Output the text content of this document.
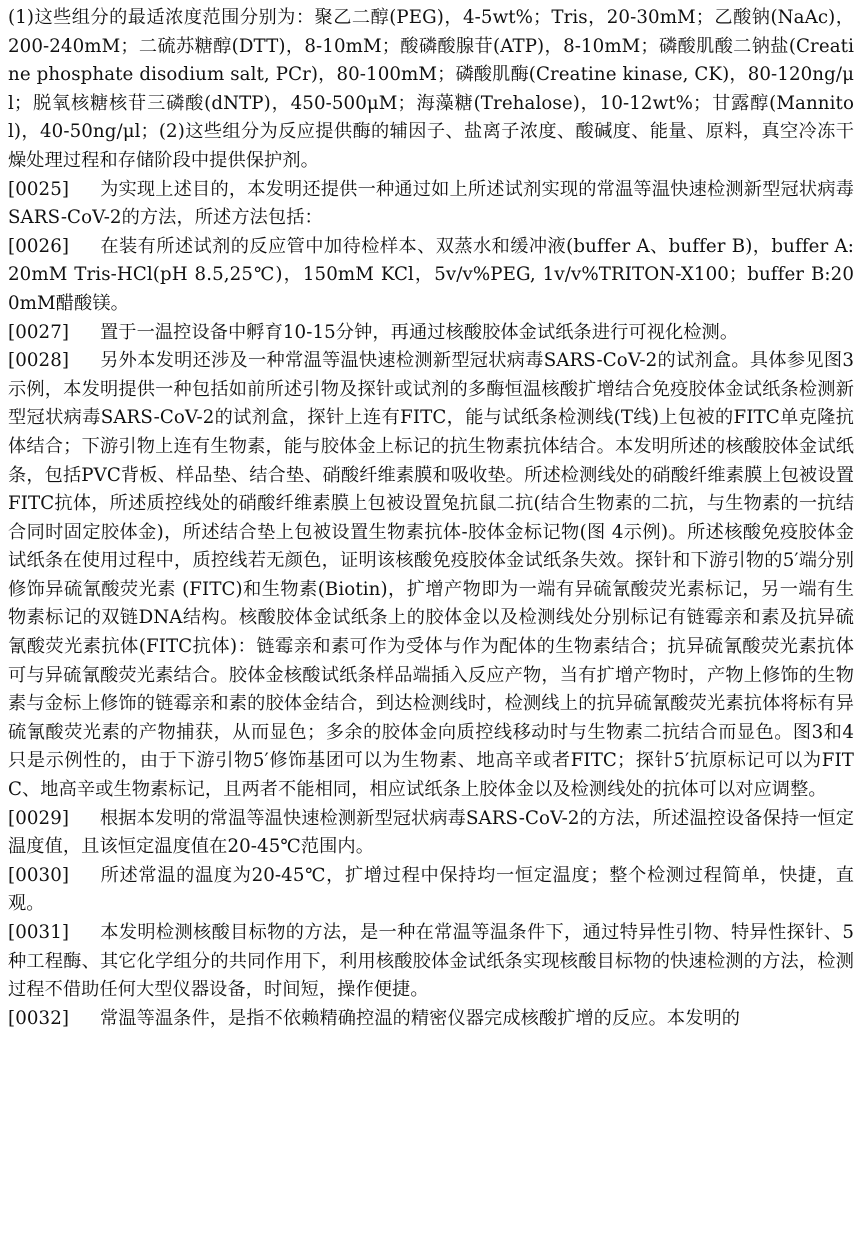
(1)这些组分的最适浓度范围分别为：聚乙二醇(PEG)，4-5wt%；Tris，20-30mM；乙酸钠(NaAc)，200-240mM；二硫苏糖醇(DTT)，8-10mM；酸磷酸腺苷(ATP)，8-10mM；磷酸肌酸二钠盐(Creatine phosphate disodium salt, PCr)，80-100mM；磷酸肌酶(Creatine kinase, CK)，80-120ng/μl；脱氧核糖核苷三磷酸(dNTP)，450-500μM；海藻糖(Trehalose)，10-12wt%；甘露醇(Mannitol)，40-50ng/μl；(2)这些组分为反应提供酶的辅因子、盐离子浓度、酸碱度、能量、原料，真空冷冻干燥处理过程和存储阶段中提供保护剂。

[0025] 为实现上述目的，本发明还提供一种通过如上所述试剂实现的常温等温快速检测新型冠状病毒SARS-CoV-2的方法，所述方法包括：

[0026] 在装有所述试剂的反应管中加待检样本、双蒸水和缓冲液(buffer A、buffer B)，buffer A:20mM Tris-HCl(pH 8.5,25℃)，150mM KCl，5v/v%PEG, 1v/v%TRITON-X100；buffer B:200mM醋酸镁。

[0027] 置于一温控设备中孵育10-15分钟，再通过核酸胶体金试纸条进行可视化检测。

[0028] 另外本发明还涉及一种常温等温快速检测新型冠状病毒SARS-CoV-2的试剂盒。具体参见图3示例，本发明提供一种包括如前所述引物及探针或试剂的多酶恒温核酸扩增结合免疫胶体金试纸条检测新型冠状病毒SARS-CoV-2的试剂盒，探针上连有FITC，能与试纸条检测线(T线)上包被的FITC单克隆抗体结合；下游引物上连有生物素，能与胶体金上标记的抗生物素抗体结合。本发明所述的核酸胶体金试纸条，包括PVC背板、样品垫、结合垫、硝酸纤维素膜和吸收垫。所述检测线处的硝酸纤维素膜上包被设置FITC抗体，所述质控线处的硝酸纤维素膜上包被设置兔抗鼠二抗(结合生物素的二抗，与生物素的一抗结合同时固定胶体金)，所述结合垫上包被设置生物素抗体-胶体金标记物(图 4示例)。所述核酸免疫胶体金试纸条在使用过程中，质控线若无颜色，证明该核酸免疫胶体金试纸条失效。探针和下游引物的5′端分别修饰异硫氰酸荧光素 (FITC)和生物素(Biotin)，扩增产物即为一端有异硫氰酸荧光素标记，另一端有生物素标记的双链DNA结构。核酸胶体金试纸条上的胶体金以及检测线处分别标记有链霉亲和素及抗异硫氰酸荧光素抗体(FITC抗体)：链霉亲和素可作为受体与作为配体的生物素结合；抗异硫氰酸荧光素抗体可与异硫氰酸荧光素结合。胶体金核酸试纸条样品端插入反应产物，当有扩增产物时，产物上修饰的生物素与金标上修饰的链霉亲和素的胶体金结合，到达检测线时，检测线上的抗异硫氰酸荧光素抗体将标有异硫氰酸荧光素的产物捕获，从而显色；多余的胶体金向质控线移动时与生物素二抗结合而显色。图3和4只是示例性的，由于下游引物5′修饰基团可以为生物素、地高辛或者FITC；探针5′抗原标记可以为FITC、地高辛或生物素标记，且两者不能相同，相应试纸条上胶体金以及检测线处的抗体可以对应调整。

[0029] 根据本发明的常温等温快速检测新型冠状病毒SARS-CoV-2的方法，所述温控设备保持一恒定温度值，且该恒定温度值在20-45℃范围内。

[0030] 所述常温的温度为20-45℃，扩增过程中保持均一恒定温度；整个检测过程简单，快捷，直观。

[0031] 本发明检测核酸目标物的方法，是一种在常温等温条件下，通过特异性引物、特异性探针、5种工程酶、其它化学组分的共同作用下，利用核酸胶体金试纸条实现核酸目标物的快速检测的方法，检测过程不借助任何大型仪器设备，时间短，操作便捷。

[0032] 常温等温条件，是指不依赖精确控温的精密仪器完成核酸扩增的反应。本发明的
